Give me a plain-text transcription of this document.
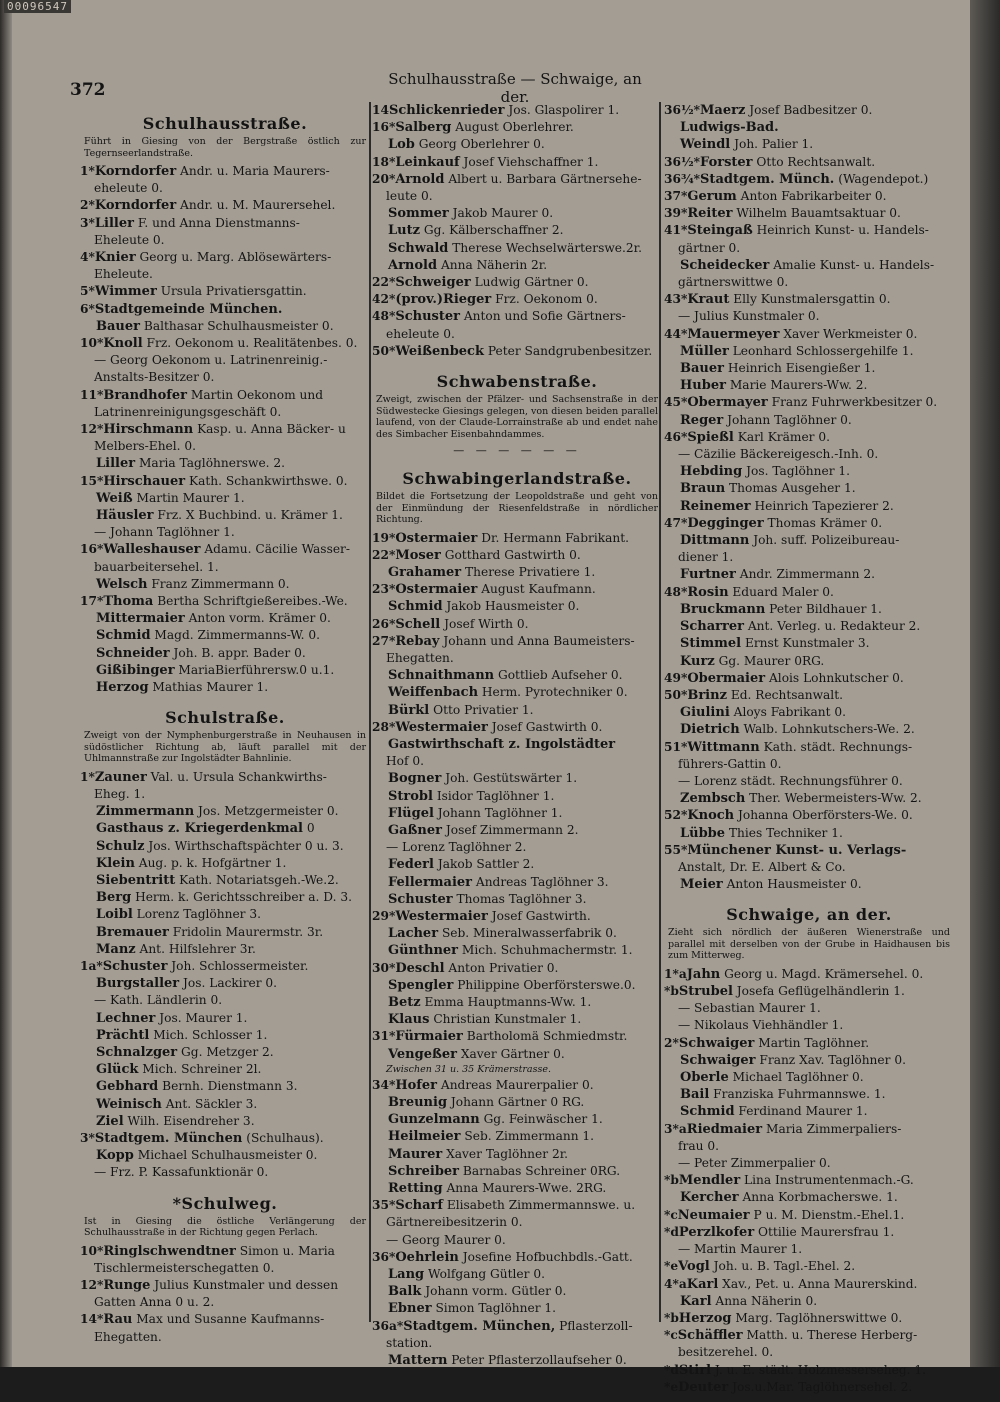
00096547
372
Schulhausstraße — Schwaige, an der.
Schulhausstraße.
Führt in Giesing von der Bergstraße östlich zur Tegernseerlandstraße.
1*Korndorfer Andr. u. Maria Maurers-
eheleute 0.
2*Korndorfer Andr. u. M. Maurersehel.
3*Liller F. und Anna Dienstmanns-
Eheleute 0.
4*Knier Georg u. Marg. Ablösewärters-
Eheleute.
5*Wimmer Ursula Privatiersgattin.
6*Stadtgemeinde München.
Bauer Balthasar Schulhausmeister 0.
10*Knoll Frz. Oekonom u. Realitätenbes. 0.
— Georg Oekonom u. Latrinenreinig.-
Anstalts-Besitzer 0.
11*Brandhofer Martin Oekonom und
Latrinenreinigungsgeschäft 0.
12*Hirschmann Kasp. u. Anna Bäcker- u
Melbers-Ehel. 0.
Liller Maria Taglöhnerswe. 2.
15*Hirschauer Kath. Schankwirthswe. 0.
Weiß Martin Maurer 1.
Häusler Frz. X Buchbind. u. Krämer 1.
— Johann Taglöhner 1.
16*Walleshauser Adamu. Cäcilie Wasser-
bauarbeitersehel. 1.
Welsch Franz Zimmermann 0.
17*Thoma Bertha Schriftgießereibes.-We.
Mittermaier Anton vorm. Krämer 0.
Schmid Magd. Zimmermanns-W. 0.
Schneider Joh. B. appr. Bader 0.
Gißibinger MariaBierführersw.0 u.1.
Herzog Mathias Maurer 1.
Schulstraße.
Zweigt von der Nymphenburgerstraße in Neuhausen in südöstlicher Richtung ab, läuft parallel mit der Uhlmannstraße zur Ingolstädter Bahnlinie.
1*Zauner Val. u. Ursula Schankwirths-
Eheg. 1.
Zimmermann Jos. Metzgermeister 0.
Gasthaus z. Kriegerdenkmal 0
Schulz Jos. Wirthschaftspächter 0 u. 3.
Klein Aug. p. k. Hofgärtner 1.
Siebentritt Kath. Notariatsgeh.-We.2.
Berg Herm. k. Gerichtsschreiber a. D. 3.
Loibl Lorenz Taglöhner 3.
Bremauer Fridolin Maurermstr. 3r.
Manz Ant. Hilfslehrer 3r.
1a*Schuster Joh. Schlossermeister.
Burgstaller Jos. Lackirer 0.
— Kath. Ländlerin 0.
Lechner Jos. Maurer 1.
Prächtl Mich. Schlosser 1.
Schnalzger Gg. Metzger 2.
Glück Mich. Schreiner 2l.
Gebhard Bernh. Dienstmann 3.
Weinisch Ant. Säckler 3.
Ziel Wilh. Eisendreher 3.
3*Stadtgem. München (Schulhaus).
Kopp Michael Schulhausmeister 0.
— Frz. P. Kassafunktionär 0.
*Schulweg.
Ist in Giesing die östliche Verlängerung der Schulhausstraße in der Richtung gegen Perlach.
10*Ringlschwendtner Simon u. Maria
Tischlermeisterschegatten 0.
12*Runge Julius Kunstmaler und dessen
Gatten Anna 0 u. 2.
14*Rau Max und Susanne Kaufmanns-
Ehegatten.
14Schlickenrieder Jos. Glaspolirer 1.
16*Salberg August Oberlehrer.
Lob Georg Oberlehrer 0.
18*Leinkauf Josef Viehschaffner 1.
20*Arnold Albert u. Barbara Gärtnersehe-
leute 0.
Sommer Jakob Maurer 0.
Lutz Gg. Kälberschaffner 2.
Schwald Therese Wechselwärterswe.2r.
Arnold Anna Näherin 2r.
22*Schweiger Ludwig Gärtner 0.
42*(prov.)Rieger Frz. Oekonom 0.
48*Schuster Anton und Sofie Gärtners-
eheleute 0.
50*Weißenbeck Peter Sandgrubenbesitzer.
Schwabenstraße.
Zweigt, zwischen der Pfälzer- und Sachsenstraße in der Südwestecke Giesings gelegen, von diesen beiden parallel laufend, von der Claude-Lorrainstraße ab und endet nahe des Simbacher Eisenbahndammes.
— — — — — —
Schwabingerlandstraße.
Bildet die Fortsetzung der Leopoldstraße und geht von der Einmündung der Riesenfeldstraße in nördlicher Richtung.
19*Ostermaier Dr. Hermann Fabrikant.
22*Moser Gotthard Gastwirth 0.
Grahamer Therese Privatiere 1.
23*Ostermaier August Kaufmann.
Schmid Jakob Hausmeister 0.
26*Schell Josef Wirth 0.
27*Rebay Johann und Anna Baumeisters-
Ehegatten.
Schnaithmann Gottlieb Aufseher 0.
Weiffenbach Herm. Pyrotechniker 0.
Bürkl Otto Privatier 1.
28*Westermaier Josef Gastwirth 0.
Gastwirthschaft z. Ingolstädter
Hof 0.
Bogner Joh. Gestütswärter 1.
Strobl Isidor Taglöhner 1.
Flügel Johann Taglöhner 1.
Gaßner Josef Zimmermann 2.
— Lorenz Taglöhner 2.
Federl Jakob Sattler 2.
Fellermaier Andreas Taglöhner 3.
Schuster Thomas Taglöhner 3.
29*Westermaier Josef Gastwirth.
Lacher Seb. Mineralwasserfabrik 0.
Günthner Mich. Schuhmachermstr. 1.
30*Deschl Anton Privatier 0.
Spengler Philippine Oberförsterswe.0.
Betz Emma Hauptmanns-Ww. 1.
Klaus Christian Kunstmaler 1.
31*Fürmaier Bartholomä Schmiedmstr.
Vengeßer Xaver Gärtner 0.
Zwischen 31 u. 35 Krämerstrasse.
34*Hofer Andreas Maurerpalier 0.
Breunig Johann Gärtner 0 RG.
Gunzelmann Gg. Feinwäscher 1.
Heilmeier Seb. Zimmermann 1.
Maurer Xaver Taglöhner 2r.
Schreiber Barnabas Schreiner 0RG.
Retting Anna Maurers-Wwe. 2RG.
35*Scharf Elisabeth Zimmermannswe. u.
Gärtnereibesitzerin 0.
— Georg Maurer 0.
36*Oehrlein Josefine Hofbuchbdls.-Gatt.
Lang Wolfgang Gütler 0.
Balk Johann vorm. Gütler 0.
Ebner Simon Taglöhner 1.
36a*Stadtgem. München, Pflasterzoll-
station.
Mattern Peter Pflasterzollaufseher 0.
36½*Maerz Josef Badbesitzer 0.
Ludwigs-Bad.
Weindl Joh. Palier 1.
36½*Forster Otto Rechtsanwalt.
36¾*Stadtgem. Münch. (Wagendepot.)
37*Gerum Anton Fabrikarbeiter 0.
39*Reiter Wilhelm Bauamtsaktuar 0.
41*Steingaß Heinrich Kunst- u. Handels-
gärtner 0.
Scheidecker Amalie Kunst- u. Handels-
gärtnerswittwe 0.
43*Kraut Elly Kunstmalersgattin 0.
— Julius Kunstmaler 0.
44*Mauermeyer Xaver Werkmeister 0.
Müller Leonhard Schlossergehilfe 1.
Bauer Heinrich Eisengießer 1.
Huber Marie Maurers-Ww. 2.
45*Obermayer Franz Fuhrwerkbesitzer 0.
Reger Johann Taglöhner 0.
46*Spießl Karl Krämer 0.
— Cäzilie Bäckereigesch.-Inh. 0.
Hebding Jos. Taglöhner 1.
Braun Thomas Ausgeher 1.
Reinemer Heinrich Tapezierer 2.
47*Degginger Thomas Krämer 0.
Dittmann Joh. suff. Polizeibureau-
diener 1.
Furtner Andr. Zimmermann 2.
48*Rosin Eduard Maler 0.
Bruckmann Peter Bildhauer 1.
Scharrer Ant. Verleg. u. Redakteur 2.
Stimmel Ernst Kunstmaler 3.
Kurz Gg. Maurer 0RG.
49*Obermaier Alois Lohnkutscher 0.
50*Brinz Ed. Rechtsanwalt.
Giulini Aloys Fabrikant 0.
Dietrich Walb. Lohnkutschers-We. 2.
51*Wittmann Kath. städt. Rechnungs-
führers-Gattin 0.
— Lorenz städt. Rechnungsführer 0.
Zembsch Ther. Webermeisters-Ww. 2.
52*Knoch Johanna Oberförsters-We. 0.
Lübbe Thies Techniker 1.
55*Münchener Kunst- u. Verlags-
Anstalt, Dr. E. Albert & Co.
Meier Anton Hausmeister 0.
Schwaige, an der.
Zieht sich nördlich der äußeren Wienerstraße und parallel mit derselben von der Grube in Haidhausen bis zum Mitterweg.
1*aJahn Georg u. Magd. Krämersehel. 0.
*bStrubel Josefa Geflügelhändlerin 1.
— Sebastian Maurer 1.
— Nikolaus Viehhändler 1.
2*Schwaiger Martin Taglöhner.
Schwaiger Franz Xav. Taglöhner 0.
Oberle Michael Taglöhner 0.
Bail Franziska Fuhrmannswe. 1.
Schmid Ferdinand Maurer 1.
3*aRiedmaier Maria Zimmerpaliers-
frau 0.
— Peter Zimmerpalier 0.
*bMendler Lina Instrumentenmach.-G.
Kercher Anna Korbmacherswe. 1.
*cNeumaier P u. M. Dienstm.-Ehel.1.
*dPerzlkofer Ottilie Maurersfrau 1.
— Martin Maurer 1.
*eVogl Joh. u. B. Tagl.-Ehel. 2.
4*aKarl Xav., Pet. u. Anna Maurerskind.
Karl Anna Näherin 0.
*bHerzog Marg. Taglöhnerswittwe 0.
*cSchäffler Matth. u. Therese Herberg-
besitzerehel. 0.
*dStirl J. u. E. städt. Holzmesserseheg. 1.
*eDeuter Jos.u.Mar. Taglöhnersehel. 2.
